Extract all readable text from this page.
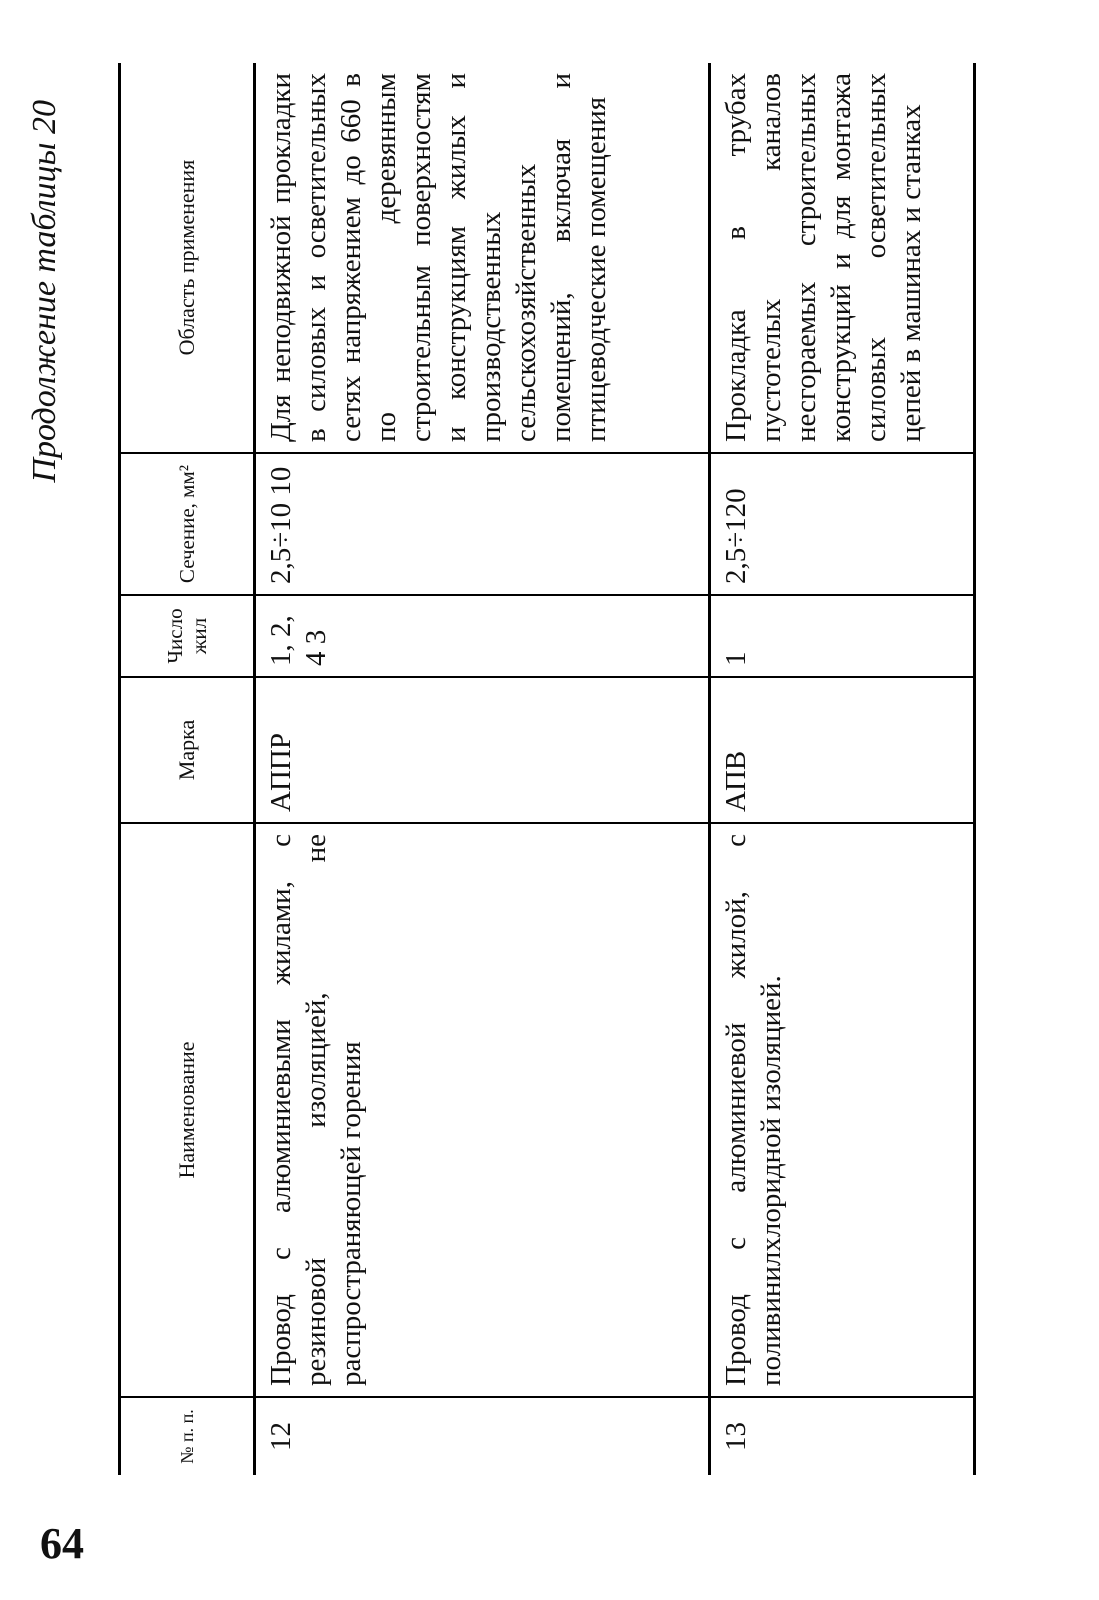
64
Продолжение таблицы 20
№ п. п.	Наименование	Марка	Число жил	Сечение, мм²	Область применения
12	Провод с алюминиевыми жилами, с резиновой изоляцией, не распространяющей горения	АППР	1, 2, 4 3	2,5÷10 10	Для неподвижной прокладки в силовых и осветительных сетях напряжением до 660 в по деревянным строительным поверхностям и конструкциям жилых и производственных сельскохозяйственных помещений, включая и птицеводческие помещения
13	Провод с алюминиевой жилой, с поливинилхлоридной изоляцией.	АПВ	1	2,5÷120	Прокладка в трубах пустотелых каналов несгораемых строительных конструкций и для монтажа силовых осветительных цепей в машинах и станках
